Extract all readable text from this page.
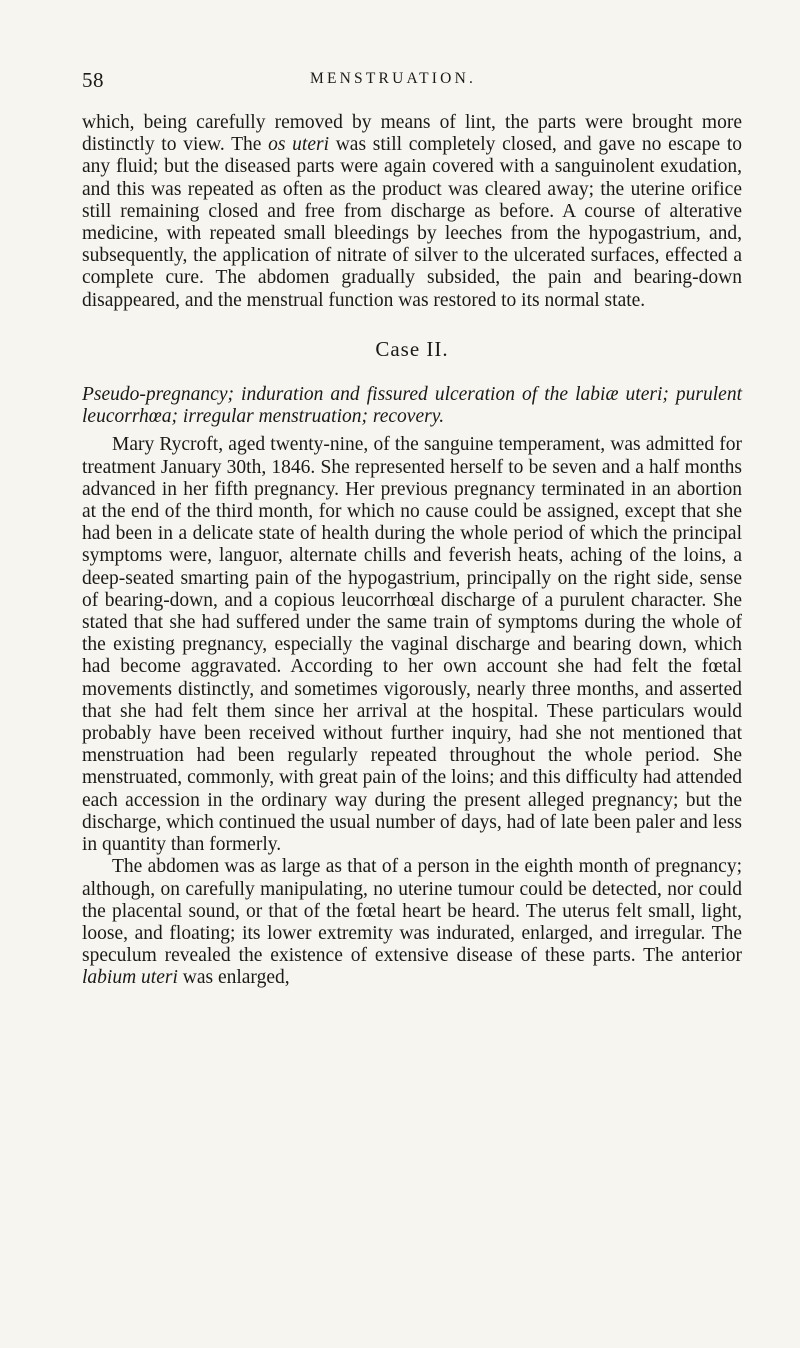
58	MENSTRUATION.

which, being carefully removed by means of lint, the parts were brought more distinctly to view. The os uteri was still completely closed, and gave no escape to any fluid; but the diseased parts were again covered with a sanguinolent exudation, and this was repeated as often as the product was cleared away; the uterine orifice still remaining closed and free from discharge as before. A course of alterative medicine, with repeated small bleedings by leeches from the hypogastrium, and, subsequently, the application of nitrate of silver to the ulcerated surfaces, effected a complete cure. The abdomen gradually subsided, the pain and bearing-down disappeared, and the menstrual function was restored to its normal state.

Case II.

Pseudo-pregnancy; induration and fissured ulceration of the labiæ uteri; purulent leucorrhœa; irregular menstruation; recovery.

Mary Rycroft, aged twenty-nine, of the sanguine temperament, was admitted for treatment January 30th, 1846. She represented herself to be seven and a half months advanced in her fifth pregnancy. Her previous pregnancy terminated in an abortion at the end of the third month, for which no cause could be assigned, except that she had been in a delicate state of health during the whole period of which the principal symptoms were, languor, alternate chills and feverish heats, aching of the loins, a deep-seated smarting pain of the hypogastrium, principally on the right side, sense of bearing-down, and a copious leucorrhœal discharge of a purulent character. She stated that she had suffered under the same train of symptoms during the whole of the existing pregnancy, especially the vaginal discharge and bearing down, which had become aggravated. According to her own account she had felt the fœtal movements distinctly, and sometimes vigorously, nearly three months, and asserted that she had felt them since her arrival at the hospital. These particulars would probably have been received without further inquiry, had she not mentioned that menstruation had been regularly repeated throughout the whole period. She menstruated, commonly, with great pain of the loins; and this difficulty had attended each accession in the ordinary way during the present alleged pregnancy; but the discharge, which continued the usual number of days, had of late been paler and less in quantity than formerly.

The abdomen was as large as that of a person in the eighth month of pregnancy; although, on carefully manipulating, no uterine tumour could be detected, nor could the placental sound, or that of the fœtal heart be heard. The uterus felt small, light, loose, and floating; its lower extremity was indurated, enlarged, and irregular. The speculum revealed the existence of extensive disease of these parts. The anterior labium uteri was enlarged,
